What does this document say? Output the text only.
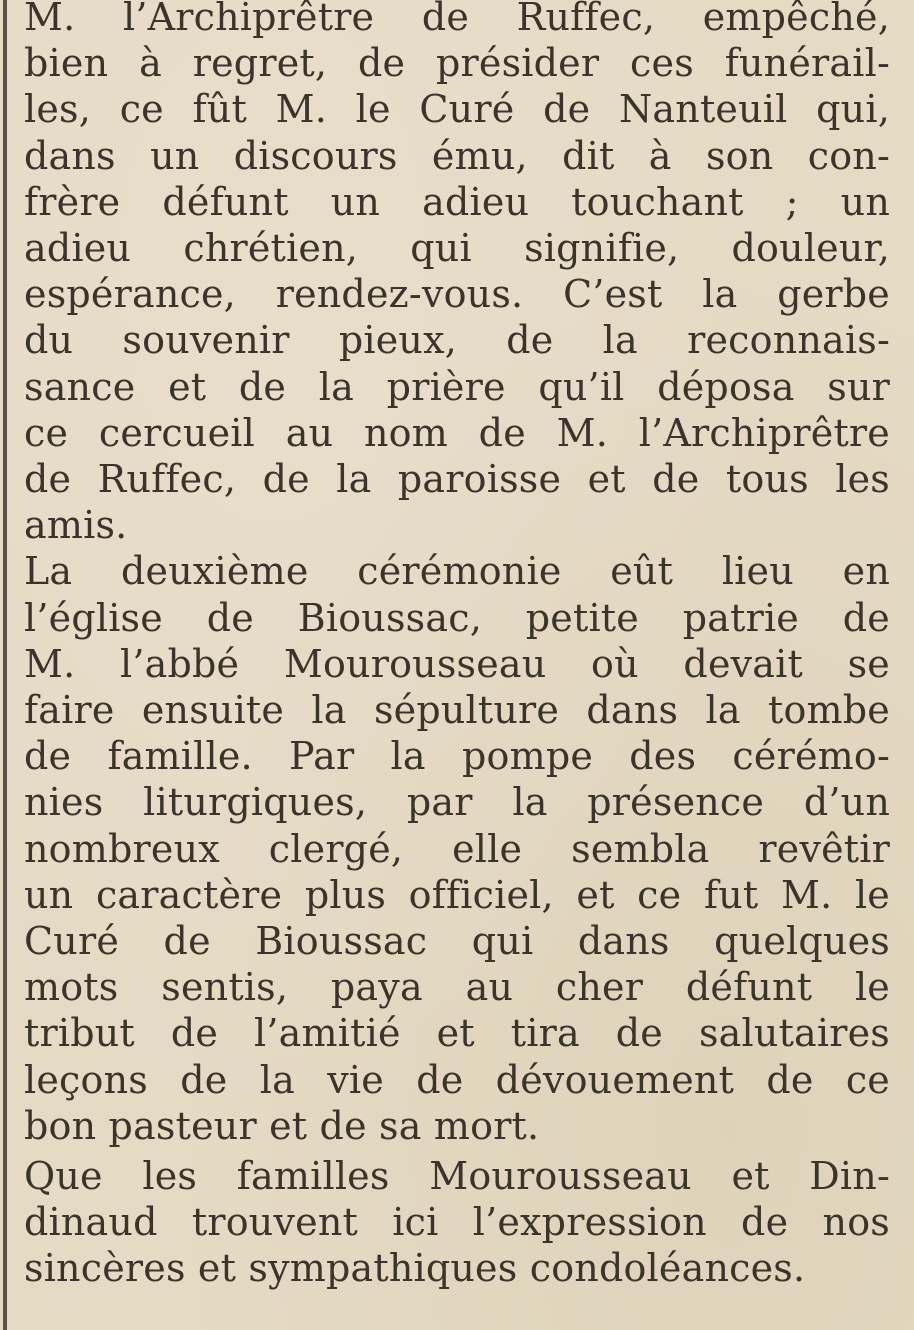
M. l’Archiprêtre de Ruffec, empêché,
bien à regret, de présider ces funérail-
les, ce fût M. le Curé de Nanteuil qui,
dans un discours ému, dit à son con-
frère défunt un adieu touchant ; un
adieu chrétien, qui signifie, douleur,
espérance, rendez-vous. C’est la gerbe
du souvenir pieux, de la reconnais-
sance et de la prière qu’il déposa sur
ce cercueil au nom de M. l’Archiprêtre
de Ruffec, de la paroisse et de tous les
amis.

La deuxième cérémonie eût lieu en
l’église de Bioussac, petite patrie de
M. l’abbé Mourousseau où devait se
faire ensuite la sépulture dans la tombe
de famille. Par la pompe des cérémo-
nies liturgiques, par la présence d’un
nombreux clergé, elle sembla revêtir
un caractère plus officiel, et ce fut M. le
Curé de Bioussac qui dans quelques
mots sentis, paya au cher défunt le
tribut de l’amitié et tira de salutaires
leçons de la vie de dévouement de ce
bon pasteur et de sa mort.

Que les familles Mourousseau et Din-
dinaud trouvent ici l’expression de nos
sincères et sympathiques condoléances.
